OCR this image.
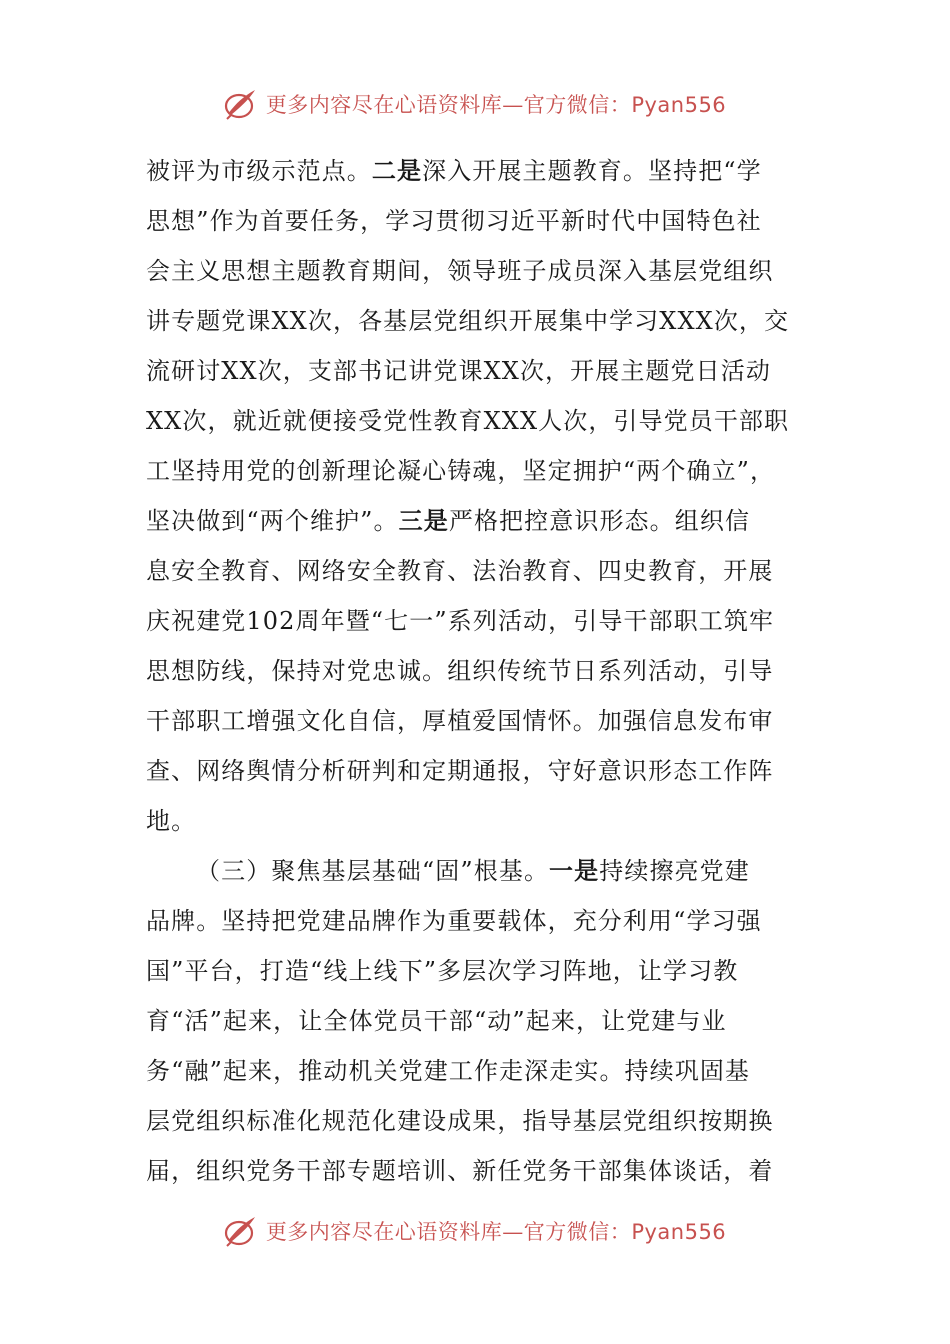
更多内容尽在心语资料库—官方微信：Pyan556
被评为市级示范点。二是深入开展主题教育。坚持把“学
思想”作为首要任务，学习贯彻习近平新时代中国特色社
会主义思想主题教育期间，领导班子成员深入基层党组织
讲专题党课XX次，各基层党组织开展集中学习XXX次，交
流研讨XX次，支部书记讲党课XX次，开展主题党日活动
XX次，就近就便接受党性教育XXX人次，引导党员干部职
工坚持用党的创新理论凝心铸魂，坚定拥护“两个确立”，
坚决做到“两个维护”。三是严格把控意识形态。组织信
息安全教育、网络安全教育、法治教育、四史教育，开展
庆祝建党102周年暨“七一”系列活动，引导干部职工筑牢
思想防线，保持对党忠诚。组织传统节日系列活动，引导
干部职工增强文化自信，厚植爱国情怀。加强信息发布审
查、网络舆情分析研判和定期通报，守好意识形态工作阵
地。
（三）聚焦基层基础“固”根基。一是持续擦亮党建
品牌。坚持把党建品牌作为重要载体，充分利用“学习强
国”平台，打造“线上线下”多层次学习阵地，让学习教
育“活”起来，让全体党员干部“动”起来，让党建与业
务“融”起来，推动机关党建工作走深走实。持续巩固基
层党组织标准化规范化建设成果，指导基层党组织按期换
届，组织党务干部专题培训、新任党务干部集体谈话，着
更多内容尽在心语资料库—官方微信：Pyan556
